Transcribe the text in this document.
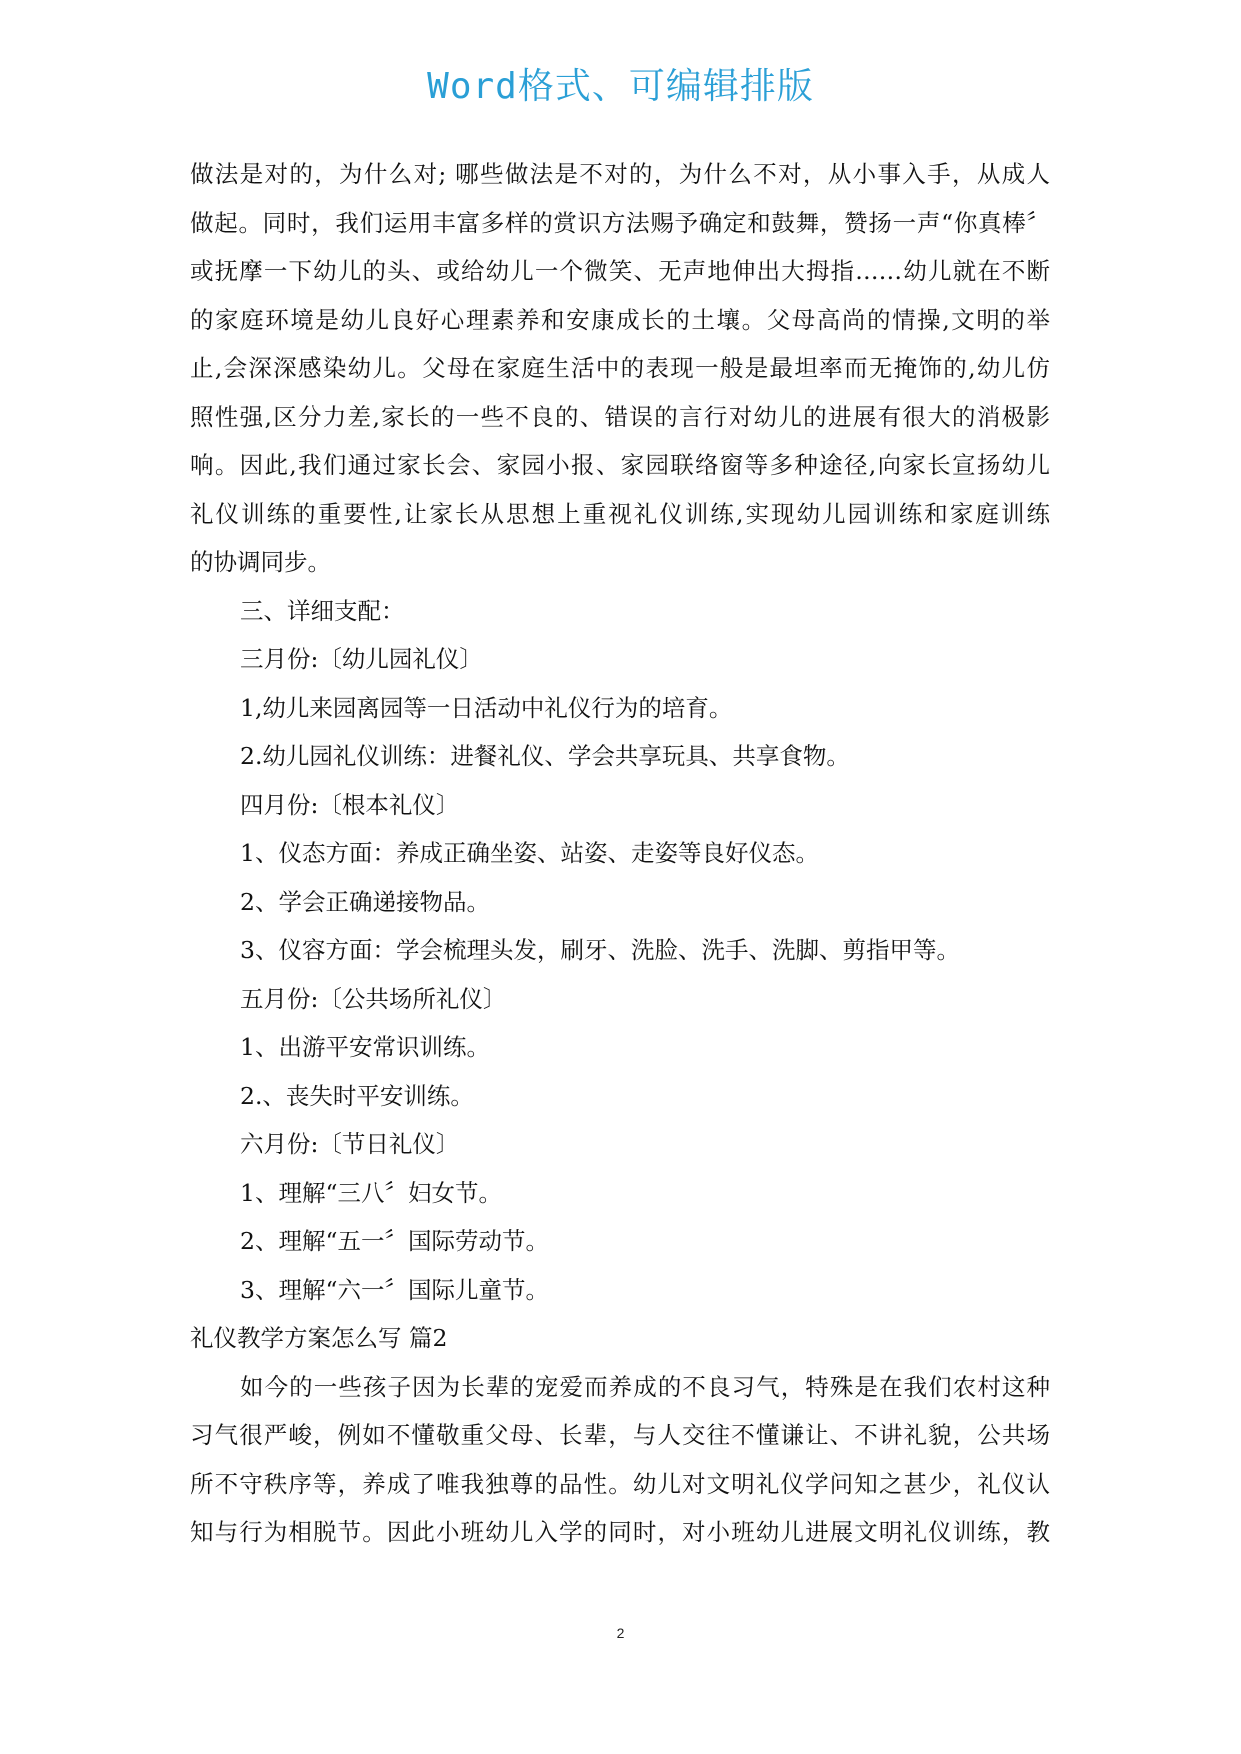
Word格式、可编辑排版
做法是对的，为什么对; 哪些做法是不对的，为什么不对，从小事入手，从成人
做起。同时，我们运用丰富多样的赏识方法赐予确定和鼓舞，赞扬一声“你真棒〞
或抚摩一下幼儿的头、或给幼儿一个微笑、无声地伸出大拇指……幼儿就在不断
的家庭环境是幼儿良好心理素养和安康成长的土壤。父母高尚的情操,文明的举
止,会深深感染幼儿。父母在家庭生活中的表现一般是最坦率而无掩饰的,幼儿仿
照性强,区分力差,家长的一些不良的、错误的言行对幼儿的进展有很大的消极影
响。因此,我们通过家长会、家园小报、家园联络窗等多种途径,向家长宣扬幼儿
礼仪训练的重要性,让家长从思想上重视礼仪训练,实现幼儿园训练和家庭训练
的协调同步。
三、详细支配：
三月份:〔幼儿园礼仪〕
1,幼儿来园离园等一日活动中礼仪行为的培育。
2.幼儿园礼仪训练：进餐礼仪、学会共享玩具、共享食物。
四月份:〔根本礼仪〕
1、仪态方面：养成正确坐姿、站姿、走姿等良好仪态。
2、学会正确递接物品。
3、仪容方面：学会梳理头发，刷牙、洗脸、洗手、洗脚、剪指甲等。
五月份:〔公共场所礼仪〕
1、出游平安常识训练。
2.、丧失时平安训练。
六月份:〔节日礼仪〕
1、理解“三八〞妇女节。
2、理解“五一〞国际劳动节。
3、理解“六一〞国际儿童节。
礼仪教学方案怎么写 篇2
如今的一些孩子因为长辈的宠爱而养成的不良习气，特殊是在我们农村这种
习气很严峻，例如不懂敬重父母、长辈，与人交往不懂谦让、不讲礼貌，公共场
所不守秩序等，养成了唯我独尊的品性。幼儿对文明礼仪学问知之甚少，礼仪认
知与行为相脱节。因此小班幼儿入学的同时，对小班幼儿进展文明礼仪训练，教
2
